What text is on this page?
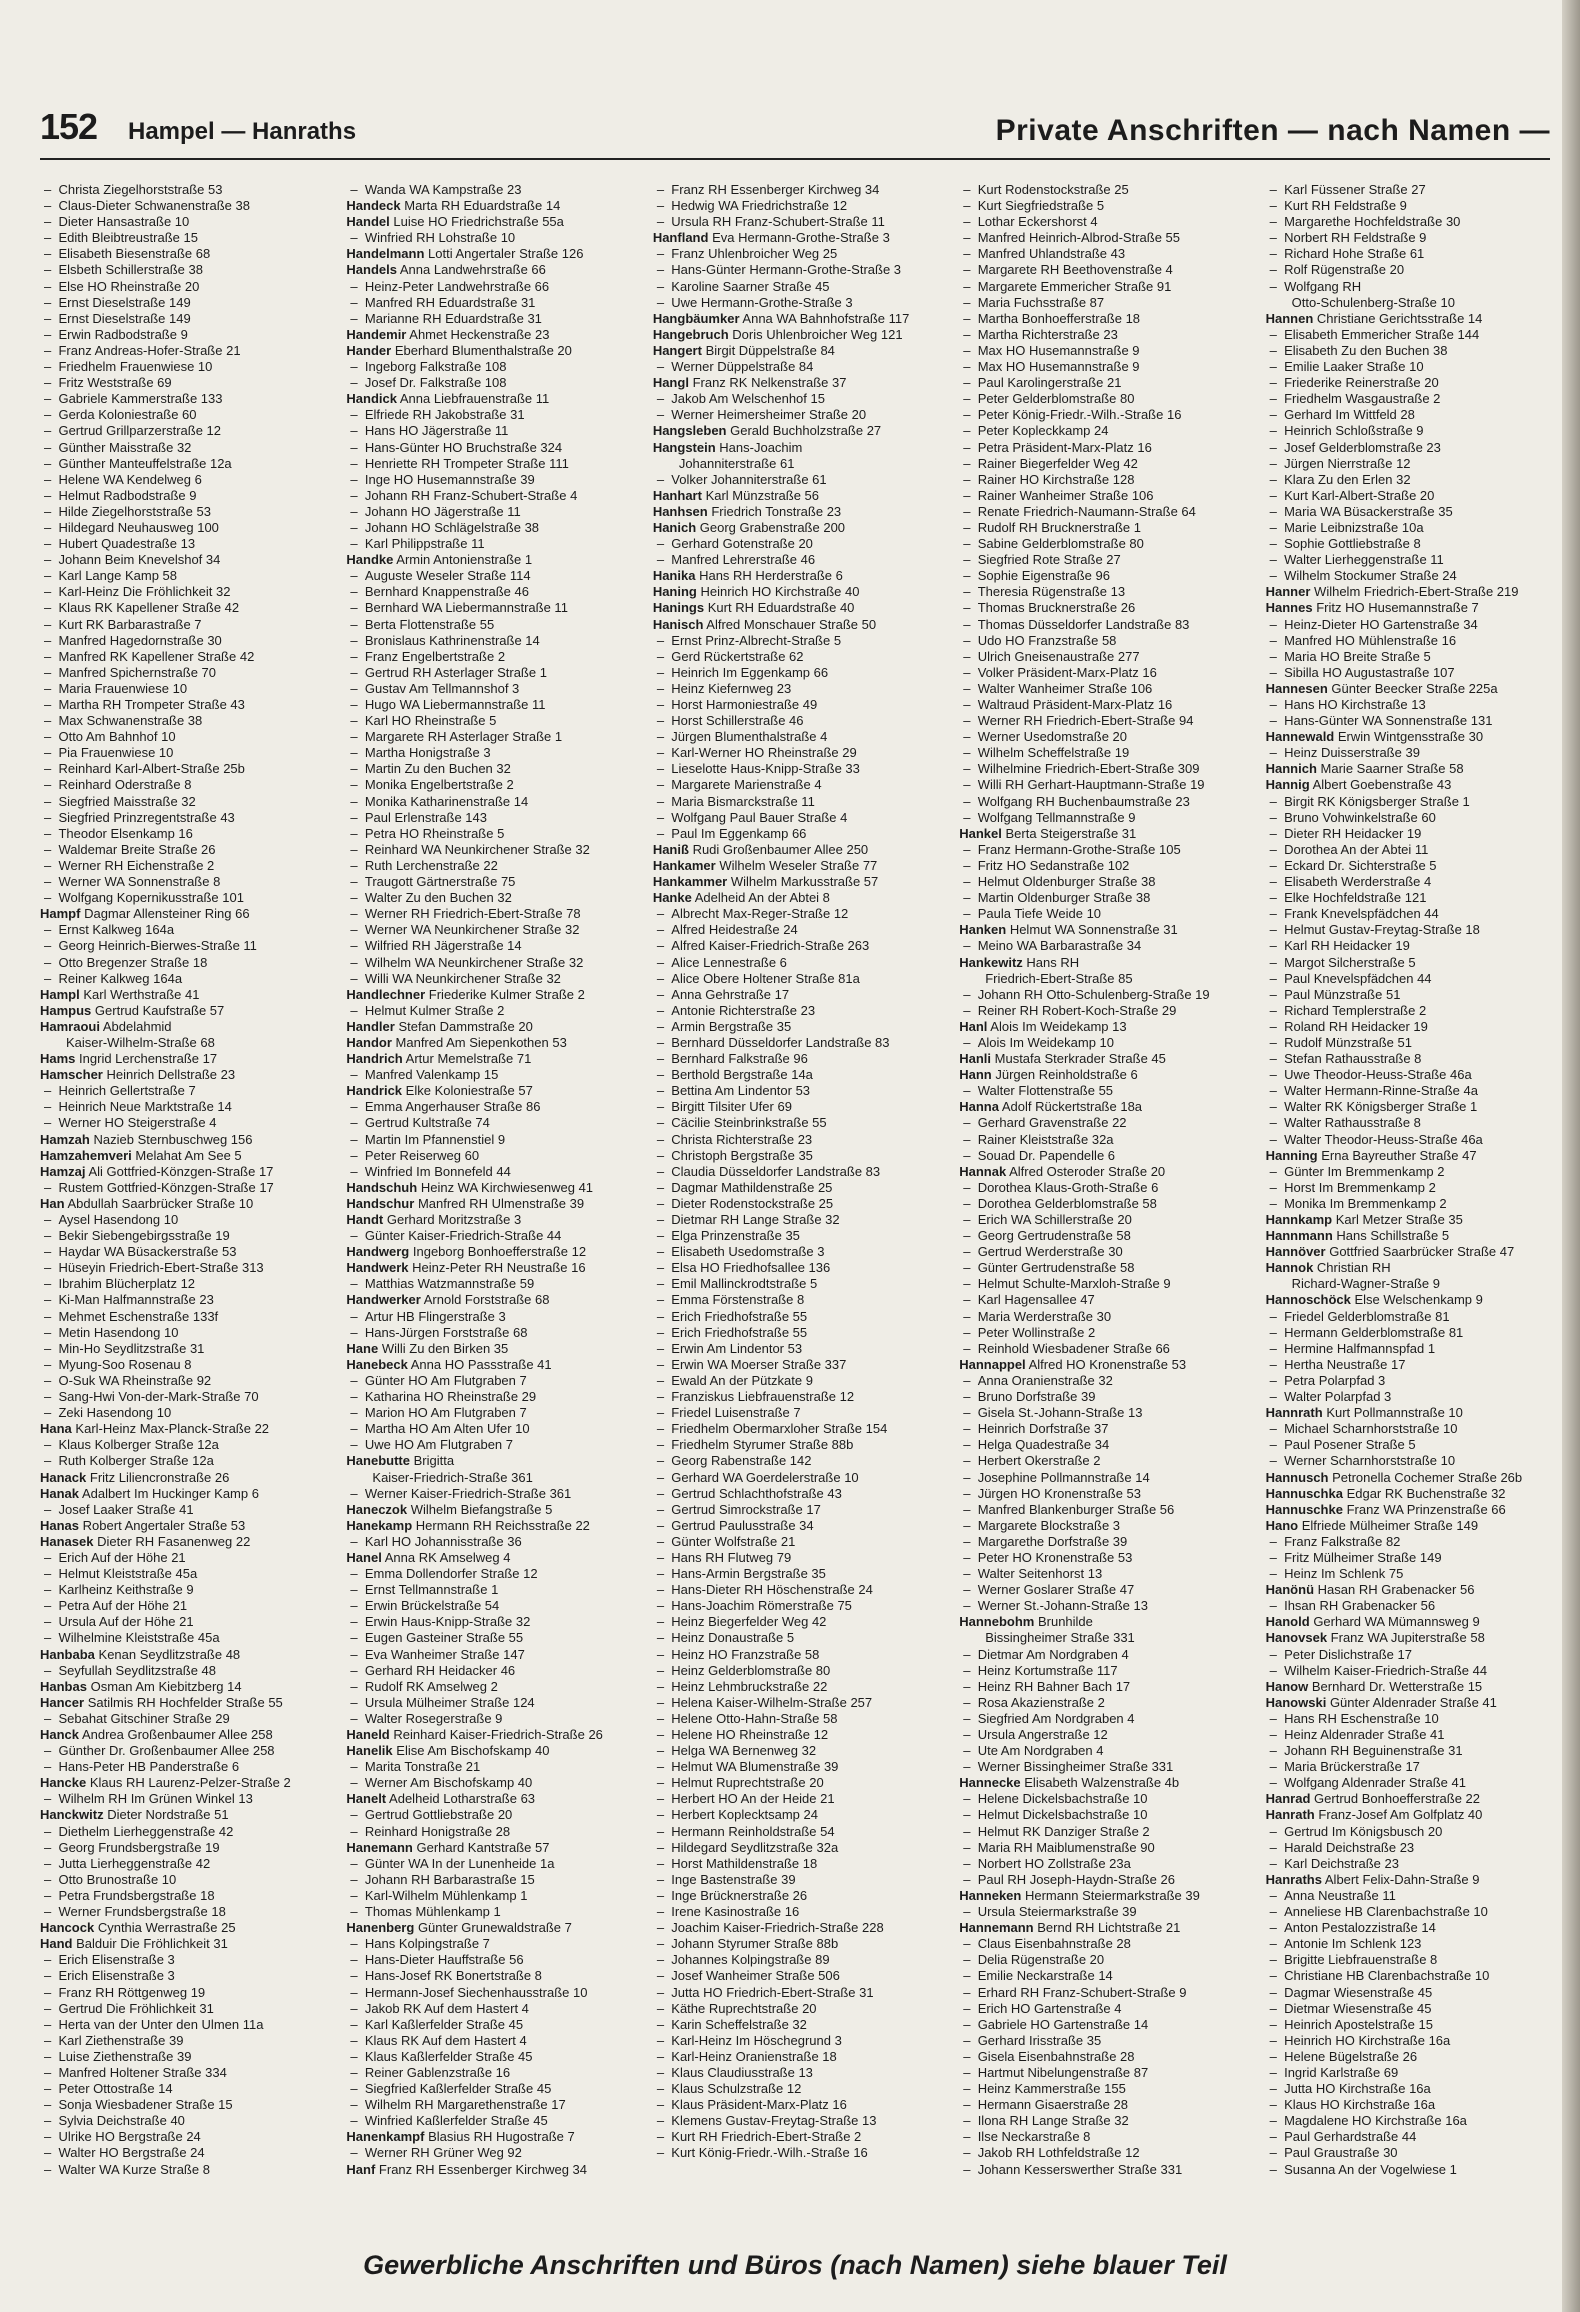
152 Hampel — Hanraths	Private Anschriften — nach Namen —
–  Christa Ziegelhorststraße 53
–  Claus-Dieter Schwanenstraße 38
–  Dieter Hansastraße 10
–  Edith Bleibtreustraße 15
–  Elisabeth Biesenstraße 68
–  Elsbeth Schillerstraße 38
–  Else HO Rheinstraße 20
–  Ernst Dieselstraße 149
–  Ernst Dieselstraße 149
–  Erwin Radbodstraße 9
–  Franz Andreas-Hofer-Straße 21
–  Friedhelm Frauenwiese 10
–  Fritz Weststraße 69
–  Gabriele Kammerstraße 133
–  Gerda Koloniestraße 60
–  Gertrud Grillparzerstraße 12
–  Günther Maisstraße 32
–  Günther Manteuffelstraße 12a
–  Helene WA Kendelweg 6
–  Helmut Radbodstraße 9
–  Hilde Ziegelhorststraße 53
–  Hildegard Neuhausweg 100
–  Hubert Quadestraße 13
–  Johann Beim Knevelshof 34
–  Karl Lange Kamp 58
–  Karl-Heinz Die Fröhlichkeit 32
–  Klaus RK Kapellener Straße 42
–  Kurt RK Barbarastraße 7
–  Manfred Hagedornstraße 30
–  Manfred RK Kapellener Straße 42
–  Manfred Spichernstraße 70
–  Maria Frauenwiese 10
–  Martha RH Trompeter Straße 43
–  Max Schwanenstraße 38
–  Otto Am Bahnhof 10
–  Pia Frauenwiese 10
–  Reinhard Karl-Albert-Straße 25b
–  Reinhard Oderstraße 8
–  Siegfried Maisstraße 32
–  Siegfried Prinzregentstraße 43
–  Theodor Elsenkamp 16
–  Waldemar Breite Straße 26
–  Werner RH Eichenstraße 2
–  Werner WA Sonnenstraße 8
–  Wolfgang Kopernikusstraße 101
Hampf Dagmar Allensteiner Ring 66
–  Ernst Kalkweg 164a
–  Georg Heinrich-Bierwes-Straße 11
–  Otto Bregenzer Straße 18
–  Reiner Kalkweg 164a
Hampl Karl Werthstraße 41
Hampus Gertrud Kaufstraße 57
Hamraoui Abdelahmid
Kaiser-Wilhelm-Straße 68
Hams Ingrid Lerchenstraße 17
Hamscher Heinrich Dellstraße 23
–  Heinrich Gellertstraße 7
–  Heinrich Neue Marktstraße 14
–  Werner HO Steigerstraße 4
Hamzah Nazieb Sternbuschweg 156
Hamzahemveri Melahat Am See 5
Hamzaj Ali Gottfried-Könzgen-Straße 17
–  Rustem Gottfried-Könzgen-Straße 17
Han Abdullah Saarbrücker Straße 10
–  Aysel Hasendong 10
–  Bekir Siebengebirgsstraße 19
–  Haydar WA Büsackerstraße 53
–  Hüseyin Friedrich-Ebert-Straße 313
–  Ibrahim Blücherplatz 12
–  Ki-Man Halfmannstraße 23
–  Mehmet Eschenstraße 133f
–  Metin Hasendong 10
–  Min-Ho Seydlitzstraße 31
–  Myung-Soo Rosenau 8
–  O-Suk WA Rheinstraße 92
–  Sang-Hwi Von-der-Mark-Straße 70
–  Zeki Hasendong 10
Hana Karl-Heinz Max-Planck-Straße 22
–  Klaus Kolberger Straße 12a
–  Ruth Kolberger Straße 12a
Hanack Fritz Liliencronstraße 26
Hanak Adalbert Im Huckinger Kamp 6
–  Josef Laaker Straße 41
Hanas Robert Angertaler Straße 53
Hanasek Dieter RH Fasanenweg 22
–  Erich Auf der Höhe 21
–  Helmut Kleiststraße 45a
–  Karlheinz Keithstraße 9
–  Petra Auf der Höhe 21
–  Ursula Auf der Höhe 21
–  Wilhelmine Kleiststraße 45a
Hanbaba Kenan Seydlitzstraße 48
–  Seyfullah Seydlitzstraße 48
Hanbas Osman Am Kiebitzberg 14
Hancer Satilmis RH Hochfelder Straße 55
–  Sebahat Gitschiner Straße 29
Hanck Andrea Großenbaumer Allee 258
–  Günther Dr. Großenbaumer Allee 258
–  Hans-Peter HB Panderstraße 6
Hancke Klaus RH Laurenz-Pelzer-Straße 2
–  Wilhelm RH Im Grünen Winkel 13
Hanckwitz Dieter Nordstraße 51
–  Diethelm Lierheggenstraße 42
–  Georg Frundsbergstraße 19
–  Jutta Lierheggenstraße 42
–  Otto Brunostraße 10
–  Petra Frundsbergstraße 18
–  Werner Frundsbergstraße 18
Hancock Cynthia Werrastraße 25
Hand Balduir Die Fröhlichkeit 31
–  Erich Elisenstraße 3
–  Erich Elisenstraße 3
–  Franz RH Röttgenweg 19
–  Gertrud Die Fröhlichkeit 31
–  Herta van der Unter den Ulmen 11a
–  Karl Ziethenstraße 39
–  Luise Ziethenstraße 39
–  Manfred Holtener Straße 334
–  Peter Ottostraße 14
–  Sonja Wiesbadener Straße 15
–  Sylvia Deichstraße 40
–  Ulrike HO Bergstraße 24
–  Walter HO Bergstraße 24
–  Walter WA Kurze Straße 8
–  Wanda WA Kampstraße 23
Handeck Marta RH Eduardstraße 14
Handel Luise HO Friedrichstraße 55a
–  Winfried RH Lohstraße 10
Handelmann Lotti Angertaler Straße 126
Handels Anna Landwehrstraße 66
–  Heinz-Peter Landwehrstraße 66
–  Manfred RH Eduardstraße 31
–  Marianne RH Eduardstraße 31
Handemir Ahmet Heckenstraße 23
Hander Eberhard Blumenthalstraße 20
–  Ingeborg Falkstraße 108
–  Josef Dr. Falkstraße 108
Handick Anna Liebfrauenstraße 11
–  Elfriede RH Jakobstraße 31
–  Hans HO Jägerstraße 11
–  Hans-Günter HO Bruchstraße 324
–  Henriette RH Trompeter Straße 111
–  Inge HO Husemannstraße 39
–  Johann RH Franz-Schubert-Straße 4
–  Johann HO Jägerstraße 11
–  Johann HO Schlägelstraße 38
–  Karl Philippstraße 11
Handke Armin Antonienstraße 1
–  Auguste Weseler Straße 114
–  Bernhard Knappenstraße 46
–  Bernhard WA Liebermannstraße 11
–  Berta Flottenstraße 55
–  Bronislaus Kathrinenstraße 14
–  Franz Engelbertstraße 2
–  Gertrud RH Asterlager Straße 1
–  Gustav Am Tellmannshof 3
–  Hugo WA Liebermannstraße 11
–  Karl HO Rheinstraße 5
–  Margarete RH Asterlager Straße 1
–  Martha Honigstraße 3
–  Martin Zu den Buchen 32
–  Monika Engelbertstraße 2
–  Monika Katharinenstraße 14
–  Paul Erlenstraße 143
–  Petra HO Rheinstraße 5
–  Reinhard WA Neunkirchener Straße 32
–  Ruth Lerchenstraße 22
–  Traugott Gärtnerstraße 75
–  Walter Zu den Buchen 32
–  Werner RH Friedrich-Ebert-Straße 78
–  Werner WA Neunkirchener Straße 32
–  Wilfried RH Jägerstraße 14
–  Wilhelm WA Neunkirchener Straße 32
–  Willi WA Neunkirchener Straße 32
Handlechner Friederike Kulmer Straße 2
–  Helmut Kulmer Straße 2
Handler Stefan Dammstraße 20
Handor Manfred Am Siepenkothen 53
Handrich Artur Memelstraße 71
–  Manfred Valenkamp 15
Handrick Elke Koloniestraße 57
–  Emma Angerhauser Straße 86
–  Gertrud Kultstraße 74
–  Martin Im Pfannenstiel 9
–  Peter Reiserweg 60
–  Winfried Im Bonnefeld 44
Handschuh Heinz WA Kirchwiesenweg 41
Handschur Manfred RH Ulmenstraße 39
Handt Gerhard Moritzstraße 3
–  Günter Kaiser-Friedrich-Straße 44
Handwerg Ingeborg Bonhoefferstraße 12
Handwerk Heinz-Peter RH Neustraße 16
–  Matthias Watzmannstraße 59
Handwerker Arnold Forststraße 68
–  Artur HB Flingerstraße 3
–  Hans-Jürgen Forststraße 68
Hane Willi Zu den Birken 35
Hanebeck Anna HO Passstraße 41
–  Günter HO Am Flutgraben 7
–  Katharina HO Rheinstraße 29
–  Marion HO Am Flutgraben 7
–  Martha HO Am Alten Ufer 10
–  Uwe HO Am Flutgraben 7
Hanebutte Brigitta
Kaiser-Friedrich-Straße 361
–  Werner Kaiser-Friedrich-Straße 361
Haneczok Wilhelm Biefangstraße 5
Hanekamp Hermann RH Reichsstraße 22
–  Karl HO Johannisstraße 36
Hanel Anna RK Amselweg 4
–  Emma Dollendorfer Straße 12
–  Ernst Tellmannstraße 1
–  Erwin Brückelstraße 54
–  Erwin Haus-Knipp-Straße 32
–  Eugen Gasteiner Straße 55
–  Eva Wanheimer Straße 147
–  Gerhard RH Heidacker 46
–  Rudolf RK Amselweg 2
–  Ursula Mülheimer Straße 124
–  Walter Rosegerstraße 9
Haneld Reinhard Kaiser-Friedrich-Straße 26
Hanelik Elise Am Bischofskamp 40
–  Marita Tonstraße 21
–  Werner Am Bischofskamp 40
Hanelt Adelheid Lotharstraße 63
–  Gertrud Gottliebstraße 20
–  Reinhard Honigstraße 28
Hanemann Gerhard Kantstraße 57
–  Günter WA In der Lunenheide 1a
–  Johann RH Barbarastraße 15
–  Karl-Wilhelm Mühlenkamp 1
–  Thomas Mühlenkamp 1
Hanenberg Günter Grunewaldstraße 7
–  Hans Kolpingstraße 7
–  Hans-Dieter Hauffstraße 56
–  Hans-Josef RK Bonertstraße 8
–  Hermann-Josef Siechenhausstraße 10
–  Jakob RK Auf dem Hastert 4
–  Karl Kaßlerfelder Straße 45
–  Klaus RK Auf dem Hastert 4
–  Klaus Kaßlerfelder Straße 45
–  Reiner Gablenzstraße 16
–  Siegfried Kaßlerfelder Straße 45
–  Wilhelm RH Margarethenstraße 17
–  Winfried Kaßlerfelder Straße 45
Hanenkampf Blasius RH Hugostraße 7
–  Werner RH Grüner Weg 92
Hanf Franz RH Essenberger Kirchweg 34
–  Franz RH Essenberger Kirchweg 34
–  Hedwig WA Friedrichstraße 12
–  Ursula RH Franz-Schubert-Straße 11
Hanfland Eva Hermann-Grothe-Straße 3
–  Franz Uhlenbroicher Weg 25
–  Hans-Günter Hermann-Grothe-Straße 3
–  Karoline Saarner Straße 45
–  Uwe Hermann-Grothe-Straße 3
Hangbäumker Anna WA Bahnhofstraße 117
Hangebruch Doris Uhlenbroicher Weg 121
Hangert Birgit Düppelstraße 84
–  Werner Düppelstraße 84
Hangl Franz RK Nelkenstraße 37
–  Jakob Am Welschenhof 15
–  Werner Heimersheimer Straße 20
Hangsleben Gerald Buchholzstraße 27
Hangstein Hans-Joachim
Johanniterstraße 61
–  Volker Johanniterstraße 61
Hanhart Karl Münzstraße 56
Hanhsen Friedrich Tonstraße 23
Hanich Georg Grabenstraße 200
–  Gerhard Gotenstraße 20
–  Manfred Lehrerstraße 46
Hanika Hans RH Herderstraße 6
Haning Heinrich HO Kirchstraße 40
Hanings Kurt RH Eduardstraße 40
Hanisch Alfred Monschauer Straße 50
–  Ernst Prinz-Albrecht-Straße 5
–  Gerd Rückertstraße 62
–  Heinrich Im Eggenkamp 66
–  Heinz Kiefernweg 23
–  Horst Harmoniestraße 49
–  Horst Schillerstraße 46
–  Jürgen Blumenthalstraße 4
–  Karl-Werner HO Rheinstraße 29
–  Lieselotte Haus-Knipp-Straße 33
–  Margarete Marienstraße 4
–  Maria Bismarckstraße 11
–  Wolfgang Paul Bauer Straße 4
–  Paul Im Eggenkamp 66
Haniß Rudi Großenbaumer Allee 250
Hankamer Wilhelm Weseler Straße 77
Hankammer Wilhelm Markusstraße 57
Hanke Adelheid An der Abtei 8
–  Albrecht Max-Reger-Straße 12
–  Alfred Heidestraße 24
–  Alfred Kaiser-Friedrich-Straße 263
–  Alice Lennestraße 6
–  Alice Obere Holtener Straße 81a
–  Anna Gehrstraße 17
–  Antonie Richterstraße 23
–  Armin Bergstraße 35
–  Bernhard Düsseldorfer Landstraße 83
–  Bernhard Falkstraße 96
–  Berthold Bergstraße 14a
–  Bettina Am Lindentor 53
–  Birgitt Tilsiter Ufer 69
–  Cäcilie Steinbrinkstraße 55
–  Christa Richterstraße 23
–  Christoph Bergstraße 35
–  Claudia Düsseldorfer Landstraße 83
–  Dagmar Mathildenstraße 25
–  Dieter Rodenstockstraße 25
–  Dietmar RH Lange Straße 32
–  Elga Prinzenstraße 35
–  Elisabeth Usedomstraße 3
–  Elsa HO Friedhofsallee 136
–  Emil Mallinckrodtstraße 5
–  Emma Förstenstraße 8
–  Erich Friedhofstraße 55
–  Erich Friedhofstraße 55
–  Erwin Am Lindentor 53
–  Erwin WA Moerser Straße 337
–  Ewald An der Pützkate 9
–  Franziskus Liebfrauenstraße 12
–  Friedel Luisenstraße 7
–  Friedhelm Obermarxloher Straße 154
–  Friedhelm Styrumer Straße 88b
–  Georg Rabenstraße 142
–  Gerhard WA Goerdelerstraße 10
–  Gertrud Schlachthofstraße 43
–  Gertrud Simrockstraße 17
–  Gertrud Paulusstraße 34
–  Günter Wolfstraße 21
–  Hans RH Flutweg 79
–  Hans-Armin Bergstraße 35
–  Hans-Dieter RH Höschenstraße 24
–  Hans-Joachim Römerstraße 75
–  Heinz Biegerfelder Weg 42
–  Heinz Donaustraße 5
–  Heinz HO Franzstraße 58
–  Heinz Gelderblomstraße 80
–  Heinz Lehmbruckstraße 22
–  Helena Kaiser-Wilhelm-Straße 257
–  Helene Otto-Hahn-Straße 58
–  Helene HO Rheinstraße 12
–  Helga WA Bernenweg 32
–  Helmut WA Blumenstraße 39
–  Helmut Ruprechtstraße 20
–  Herbert HO An der Heide 21
–  Herbert Koplecktsamp 24
–  Hermann Reinholdstraße 54
–  Hildegard Seydlitzstraße 32a
–  Horst Mathildenstraße 18
–  Inge Bastenstraße 39
–  Inge Brücknerstraße 26
–  Irene Kasinostraße 16
–  Joachim Kaiser-Friedrich-Straße 228
–  Johann Styrumer Straße 88b
–  Johannes Kolpingstraße 89
–  Josef Wanheimer Straße 506
–  Jutta HO Friedrich-Ebert-Straße 31
–  Käthe Ruprechtstraße 20
–  Karin Scheffelstraße 32
–  Karl-Heinz Im Höschegrund 3
–  Karl-Heinz Oranienstraße 18
–  Klaus Claudiusstraße 13
–  Klaus Schulzstraße 12
–  Klaus Präsident-Marx-Platz 16
–  Klemens Gustav-Freytag-Straße 13
–  Kurt RH Friedrich-Ebert-Straße 2
–  Kurt König-Friedr.-Wilh.-Straße 16
–  Kurt Rodenstockstraße 25
–  Kurt Siegfriedstraße 5
–  Lothar Eckershorst 4
–  Manfred Heinrich-Albrod-Straße 55
–  Manfred Uhlandstraße 43
–  Margarete RH Beethovenstraße 4
–  Margarete Emmericher Straße 91
–  Maria Fuchsstraße 87
–  Martha Bonhoefferstraße 18
–  Martha Richterstraße 23
–  Max HO Husemannstraße 9
–  Max HO Husemannstraße 9
–  Paul Karolingerstraße 21
–  Peter Gelderblomstraße 80
–  Peter König-Friedr.-Wilh.-Straße 16
–  Peter Kopleckkamp 24
–  Petra Präsident-Marx-Platz 16
–  Rainer Biegerfelder Weg 42
–  Rainer HO Kirchstraße 128
–  Rainer Wanheimer Straße 106
–  Renate Friedrich-Naumann-Straße 64
–  Rudolf RH Brucknerstraße 1
–  Sabine Gelderblomstraße 80
–  Siegfried Rote Straße 27
–  Sophie Eigenstraße 96
–  Theresia Rügenstraße 13
–  Thomas Brucknerstraße 26
–  Thomas Düsseldorfer Landstraße 83
–  Udo HO Franzstraße 58
–  Ulrich Gneisenaustraße 277
–  Volker Präsident-Marx-Platz 16
–  Walter Wanheimer Straße 106
–  Waltraud Präsident-Marx-Platz 16
–  Werner RH Friedrich-Ebert-Straße 94
–  Werner Usedomstraße 20
–  Wilhelm Scheffelstraße 19
–  Wilhelmine Friedrich-Ebert-Straße 309
–  Willi RH Gerhart-Hauptmann-Straße 19
–  Wolfgang RH Buchenbaumstraße 23
–  Wolfgang Tellmannstraße 9
Hankel Berta Steigerstraße 31
–  Franz Hermann-Grothe-Straße 105
–  Fritz HO Sedanstraße 102
–  Helmut Oldenburger Straße 38
–  Martin Oldenburger Straße 38
–  Paula Tiefe Weide 10
Hanken Helmut WA Sonnenstraße 31
–  Meino WA Barbarastraße 34
Hankewitz Hans RH
Friedrich-Ebert-Straße 85
–  Johann RH Otto-Schulenberg-Straße 19
–  Reiner RH Robert-Koch-Straße 29
Hanl Alois Im Weidekamp 13
–  Alois Im Weidekamp 10
Hanli Mustafa Sterkrader Straße 45
Hann Jürgen Reinholdstraße 6
–  Walter Flottenstraße 55
Hanna Adolf Rückertstraße 18a
–  Gerhard Gravenstraße 22
–  Rainer Kleiststraße 32a
–  Souad Dr. Papendelle 6
Hannak Alfred Osteroder Straße 20
–  Dorothea Klaus-Groth-Straße 6
–  Dorothea Gelderblomstraße 58
–  Erich WA Schillerstraße 20
–  Georg Gertrudenstraße 58
–  Gertrud Werderstraße 30
–  Günter Gertrudenstraße 58
–  Helmut Schulte-Marxloh-Straße 9
–  Karl Hagensallee 47
–  Maria Werderstraße 30
–  Peter Wollinstraße 2
–  Reinhold Wiesbadener Straße 66
Hannappel Alfred HO Kronenstraße 53
–  Anna Oranienstraße 32
–  Bruno Dorfstraße 39
–  Gisela St.-Johann-Straße 13
–  Heinrich Dorfstraße 37
–  Helga Quadestraße 34
–  Herbert Okerstraße 2
–  Josephine Pollmannstraße 14
–  Jürgen HO Kronenstraße 53
–  Manfred Blankenburger Straße 56
–  Margarete Blockstraße 3
–  Margarethe Dorfstraße 39
–  Peter HO Kronenstraße 53
–  Walter Seitenhorst 13
–  Werner Goslarer Straße 47
–  Werner St.-Johann-Straße 13
Hannebohm Brunhilde
Bissingheimer Straße 331
–  Dietmar Am Nordgraben 4
–  Heinz Kortumstraße 117
–  Heinz RH Bahner Bach 17
–  Rosa Akazienstraße 2
–  Siegfried Am Nordgraben 4
–  Ursula Angerstraße 12
–  Ute Am Nordgraben 4
–  Werner Bissingheimer Straße 331
Hannecke Elisabeth Walzenstraße 4b
–  Helene Dickelsbachstraße 10
–  Helmut Dickelsbachstraße 10
–  Helmut RK Danziger Straße 2
–  Maria RH Maiblumenstraße 90
–  Norbert HO Zollstraße 23a
–  Paul RH Joseph-Haydn-Straße 26
Hanneken Hermann Steiermarkstraße 39
–  Ursula Steiermarkstraße 39
Hannemann Bernd RH Lichtstraße 21
–  Claus Eisenbahnstraße 28
–  Delia Rügenstraße 20
–  Emilie Neckarstraße 14
–  Erhard RH Franz-Schubert-Straße 9
–  Erich HO Gartenstraße 4
–  Gabriele HO Gartenstraße 14
–  Gerhard Irisstraße 35
–  Gisela Eisenbahnstraße 28
–  Hartmut Nibelungenstraße 87
–  Heinz Kammerstraße 155
–  Hermann Gisaerstraße 28
–  Ilona RH Lange Straße 32
–  Ilse Neckarstraße 8
–  Jakob RH Lothfeldstraße 12
–  Johann Kesserswerther Straße 331
–  Karl Füssener Straße 27
–  Kurt RH Feldstraße 9
–  Margarethe Hochfeldstraße 30
–  Norbert RH Feldstraße 9
–  Richard Hohe Straße 61
–  Rolf Rügenstraße 20
–  Wolfgang RH
Otto-Schulenberg-Straße 10
Hannen Christiane Gerichtsstraße 14
–  Elisabeth Emmericher Straße 144
–  Elisabeth Zu den Buchen 38
–  Emilie Laaker Straße 10
–  Friederike Reinerstraße 20
–  Friedhelm Wasgaustraße 2
–  Gerhard Im Wittfeld 28
–  Heinrich Schloßstraße 9
–  Josef Gelderblomstraße 23
–  Jürgen Nierrstraße 12
–  Klara Zu den Erlen 32
–  Kurt Karl-Albert-Straße 20
–  Maria WA Büsackerstraße 35
–  Marie Leibnizstraße 10a
–  Sophie Gottliebstraße 8
–  Walter Lierheggenstraße 11
–  Wilhelm Stockumer Straße 24
Hanner Wilhelm Friedrich-Ebert-Straße 219
Hannes Fritz HO Husemannstraße 7
–  Heinz-Dieter HO Gartenstraße 34
–  Manfred HO Mühlenstraße 16
–  Maria HO Breite Straße 5
–  Sibilla HO Augustastraße 107
Hannesen Günter Beecker Straße 225a
–  Hans HO Kirchstraße 13
–  Hans-Günter WA Sonnenstraße 131
Hannewald Erwin Wintgensstraße 30
–  Heinz Duisserstraße 39
Hannich Marie Saarner Straße 58
Hannig Albert Goebenstraße 43
–  Birgit RK Königsberger Straße 1
–  Bruno Vohwinkelstraße 60
–  Dieter RH Heidacker 19
–  Dorothea An der Abtei 11
–  Eckard Dr. Sichterstraße 5
–  Elisabeth Werderstraße 4
–  Elke Hochfeldstraße 121
–  Frank Knevelspfädchen 44
–  Helmut Gustav-Freytag-Straße 18
–  Karl RH Heidacker 19
–  Margot Silcherstraße 5
–  Paul Knevelspfädchen 44
–  Paul Münzstraße 51
–  Richard Templerstraße 2
–  Roland RH Heidacker 19
–  Rudolf Münzstraße 51
–  Stefan Rathausstraße 8
–  Uwe Theodor-Heuss-Straße 46a
–  Walter Hermann-Rinne-Straße 4a
–  Walter RK Königsberger Straße 1
–  Walter Rathausstraße 8
–  Walter Theodor-Heuss-Straße 46a
Hanning Erna Bayreuther Straße 47
–  Günter Im Bremmenkamp 2
–  Horst Im Bremmenkamp 2
–  Monika Im Bremmenkamp 2
Hannkamp Karl Metzer Straße 35
Hannmann Hans Schillstraße 5
Hannöver Gottfried Saarbrücker Straße 47
Hannok Christian RH
Richard-Wagner-Straße 9
Hannoschöck Else Welschenkamp 9
–  Friedel Gelderblomstraße 81
–  Hermann Gelderblomstraße 81
–  Hermine Halfmannspfad 1
–  Hertha Neustraße 17
–  Petra Polarpfad 3
–  Walter Polarpfad 3
Hannrath Kurt Pollmannstraße 10
–  Michael Scharnhorststraße 10
–  Paul Posener Straße 5
–  Werner Scharnhorststraße 10
Hannusch Petronella Cochemer Straße 26b
Hannuschka Edgar RK Buchenstraße 32
Hannuschke Franz WA Prinzenstraße 66
Hano Elfriede Mülheimer Straße 149
–  Franz Falkstraße 82
–  Fritz Mülheimer Straße 149
–  Heinz Im Schlenk 75
Hanönü Hasan RH Grabenacker 56
–  Ihsan RH Grabenacker 56
Hanold Gerhard WA Mümannsweg 9
Hanovsek Franz WA Jupiterstraße 58
–  Peter Dislichstraße 17
–  Wilhelm Kaiser-Friedrich-Straße 44
Hanow Bernhard Dr. Wetterstraße 15
Hanowski Günter Aldenrader Straße 41
–  Hans RH Eschenstraße 10
–  Heinz Aldenrader Straße 41
–  Johann RH Beguinenstraße 31
–  Maria Brückerstraße 17
–  Wolfgang Aldenrader Straße 41
Hanrad Gertrud Bonhoefferstraße 22
Hanrath Franz-Josef Am Golfplatz 40
–  Gertrud Im Königsbusch 20
–  Harald Deichstraße 23
–  Karl Deichstraße 23
Hanraths Albert Felix-Dahn-Straße 9
–  Anna Neustraße 11
–  Anneliese HB Clarenbachstraße 10
–  Anton Pestalozzistraße 14
–  Antonie Im Schlenk 123
–  Brigitte Liebfrauenstraße 8
–  Christiane HB Clarenbachstraße 10
–  Dagmar Wiesenstraße 45
–  Dietmar Wiesenstraße 45
–  Heinrich Apostelstraße 15
–  Heinrich HO Kirchstraße 16a
–  Helene Bügelstraße 26
–  Ingrid Karlstraße 69
–  Jutta HO Kirchstraße 16a
–  Klaus HO Kirchstraße 16a
–  Magdalene HO Kirchstraße 16a
–  Paul Gerhardstraße 44
–  Paul Graustraße 30
–  Susanna An der Vogelwiese 1
Gewerbliche Anschriften und Büros (nach Namen) siehe blauer Teil
